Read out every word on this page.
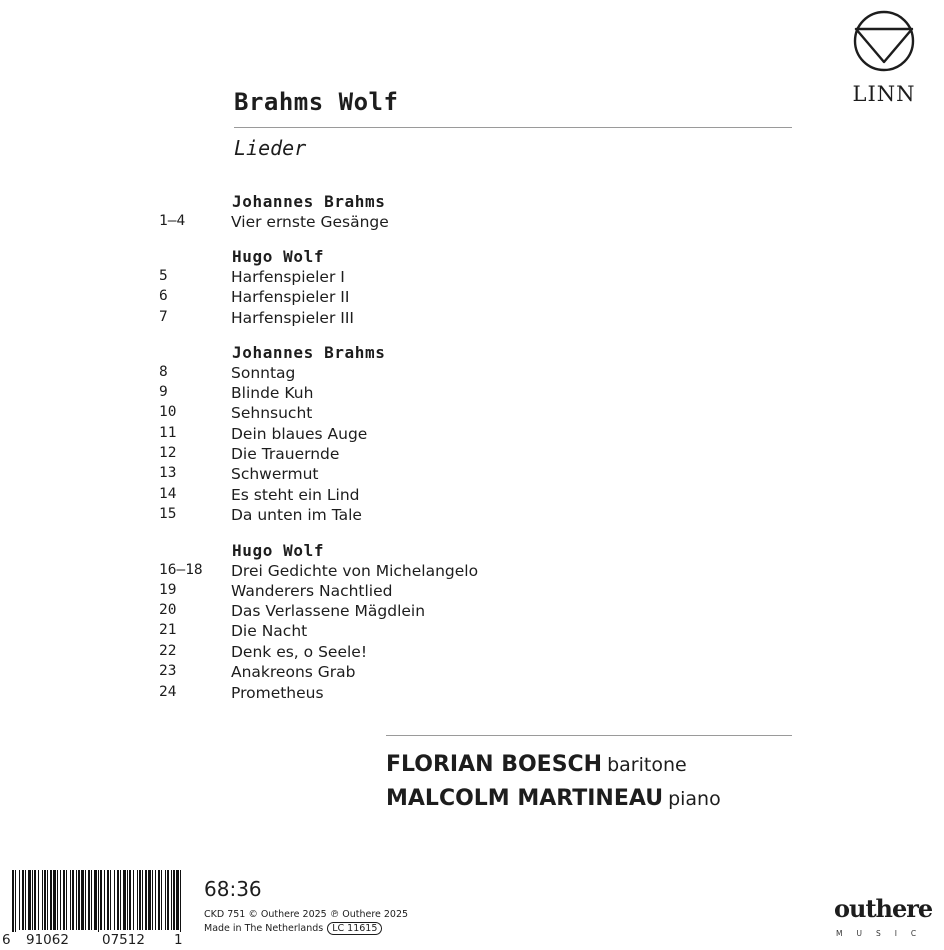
LINN
Brahms Wolf
Lieder
Johannes Brahms
1–4	Vier ernste Gesänge
Hugo Wolf
5	Harfenspieler I
6	Harfenspieler II
7	Harfenspieler III
Johannes Brahms
8	Sonntag
9	Blinde Kuh
10	Sehnsucht
11	Dein blaues Auge
12	Die Trauernde
13	Schwermut
14	Es steht ein Lind
15	Da unten im Tale
Hugo Wolf
16–18 Drei Gedichte von Michelangelo
19	Wanderers Nachtlied
20	Das Verlassene Mägdlein
21	Die Nacht
22	Denk es, o Seele!
23	Anakreons Grab
24	Prometheus
FLORIAN BOESCH baritone
MALCOLM MARTINEAU piano
6 91062 07512 1
68:36
CKD 751 © Outhere 2025 ℗ Outhere 2025
Made in The Netherlands LC 11615
outhere
MUSIC
